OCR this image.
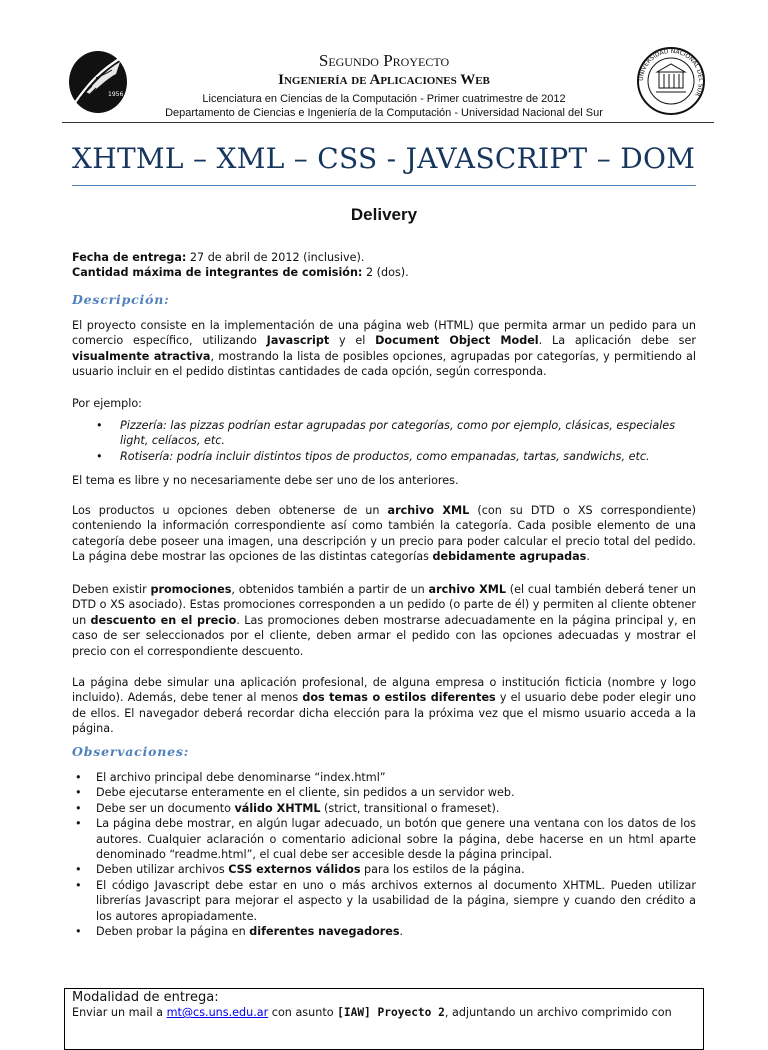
1956
UNIVERSIDAD NACIONAL DEL SUR
Segundo Proyecto
Ingeniería de Aplicaciones Web
Licenciatura en Ciencias de la Computación - Primer cuatrimestre de 2012
Departamento de Ciencias e Ingeniería de la Computación - Universidad Nacional del Sur
XHTML – XML – CSS - JAVASCRIPT – DOM
Delivery

Fecha de entrega: 27 de abril de 2012 (inclusive).

Cantidad máxima de integrantes de comisión: 2 (dos).

Descripción:

El proyecto consiste en la implementación de una página web (HTML) que permita armar un pedido para un comercio específico, utilizando Javascript y el Document Object Model. La aplicación debe ser visualmente atractiva, mostrando la lista de posibles opciones, agrupadas por categorías, y permitiendo al usuario incluir en el pedido distintas cantidades de cada opción, según corresponda.

Por ejemplo:
• Pizzería: las pizzas podrían estar agrupadas por categorías, como por ejemplo, clásicas, especiales light, celíacos, etc.
• Rotisería: podría incluir distintos tipos de productos, como empanadas, tartas, sandwichs, etc.
El tema es libre y no necesariamente debe ser uno de los anteriores.

Los productos u opciones deben obtenerse de un archivo XML (con su DTD o XS correspondiente) conteniendo la información correspondiente así como también la categoría. Cada posible elemento de una categoría debe poseer una imagen, una descripción y un precio para poder calcular el precio total del pedido. La página debe mostrar las opciones de las distintas categorías debidamente agrupadas.

Deben existir promociones, obtenidos también a partir de un archivo XML (el cual también deberá tener un DTD o XS asociado). Estas promociones corresponden a un pedido (o parte de él) y permiten al cliente obtener un descuento en el precio. Las promociones deben mostrarse adecuadamente en la página principal y, en caso de ser seleccionados por el cliente, deben armar el pedido con las opciones adecuadas y mostrar el precio con el correspondiente descuento.

La página debe simular una aplicación profesional, de alguna empresa o institución ficticia (nombre y logo incluido). Además, debe tener al menos dos temas o estilos diferentes y el usuario debe poder elegir uno de ellos. El navegador deberá recordar dicha elección para la próxima vez que el mismo usuario acceda a la página.

Observaciones:
• El archivo principal debe denominarse “index.html”
• Debe ejecutarse enteramente en el cliente, sin pedidos a un servidor web.
• Debe ser un documento válido XHTML (strict, transitional o frameset).
• La página debe mostrar, en algún lugar adecuado, un botón que genere una ventana con los datos de los autores. Cualquier aclaración o comentario adicional sobre la página, debe hacerse en un html aparte denominado “readme.html”, el cual debe ser accesible desde la página principal.
• Deben utilizar archivos CSS externos válidos para los estilos de la página.
• El código Javascript debe estar en uno o más archivos externos al documento XHTML. Pueden utilizar librerías Javascript para mejorar el aspecto y la usabilidad de la página, siempre y cuando den crédito a los autores apropiadamente.
• Deben probar la página en diferentes navegadores.
Modalidad de entrega:
Enviar un mail a mt@cs.uns.edu.ar con asunto [IAW] Proyecto 2, adjuntando un archivo comprimido con
